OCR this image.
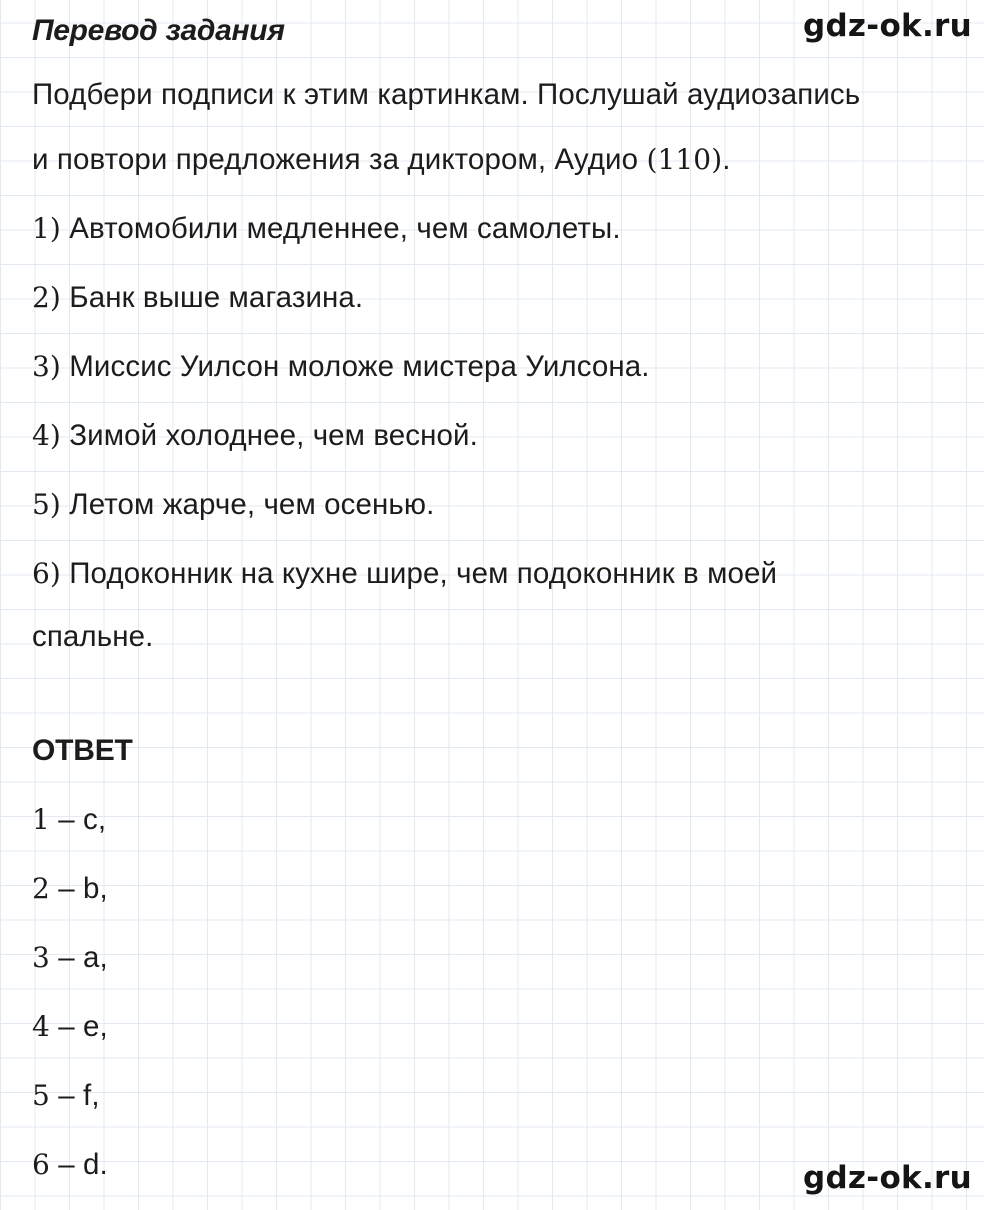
Перевод задания	gdz-ok.ru
Подбери подписи к этим картинкам. Послушай аудиозапись
и повтори предложения за диктором, Аудио (110).
1) Автомобили медленнее, чем самолеты.
2) Банк выше магазина.
3) Миссис Уилсон моложе мистера Уилсона.
4) Зимой холоднее, чем весной.
5) Летом жарче, чем осенью.
6) Подоконник на кухне шире, чем подоконник в моей
спальне.
ОТВЕТ
1 – c,
2 – b,
3 – a,
4 – e,
5 – f,
6 – d.	gdz-ok.ru
